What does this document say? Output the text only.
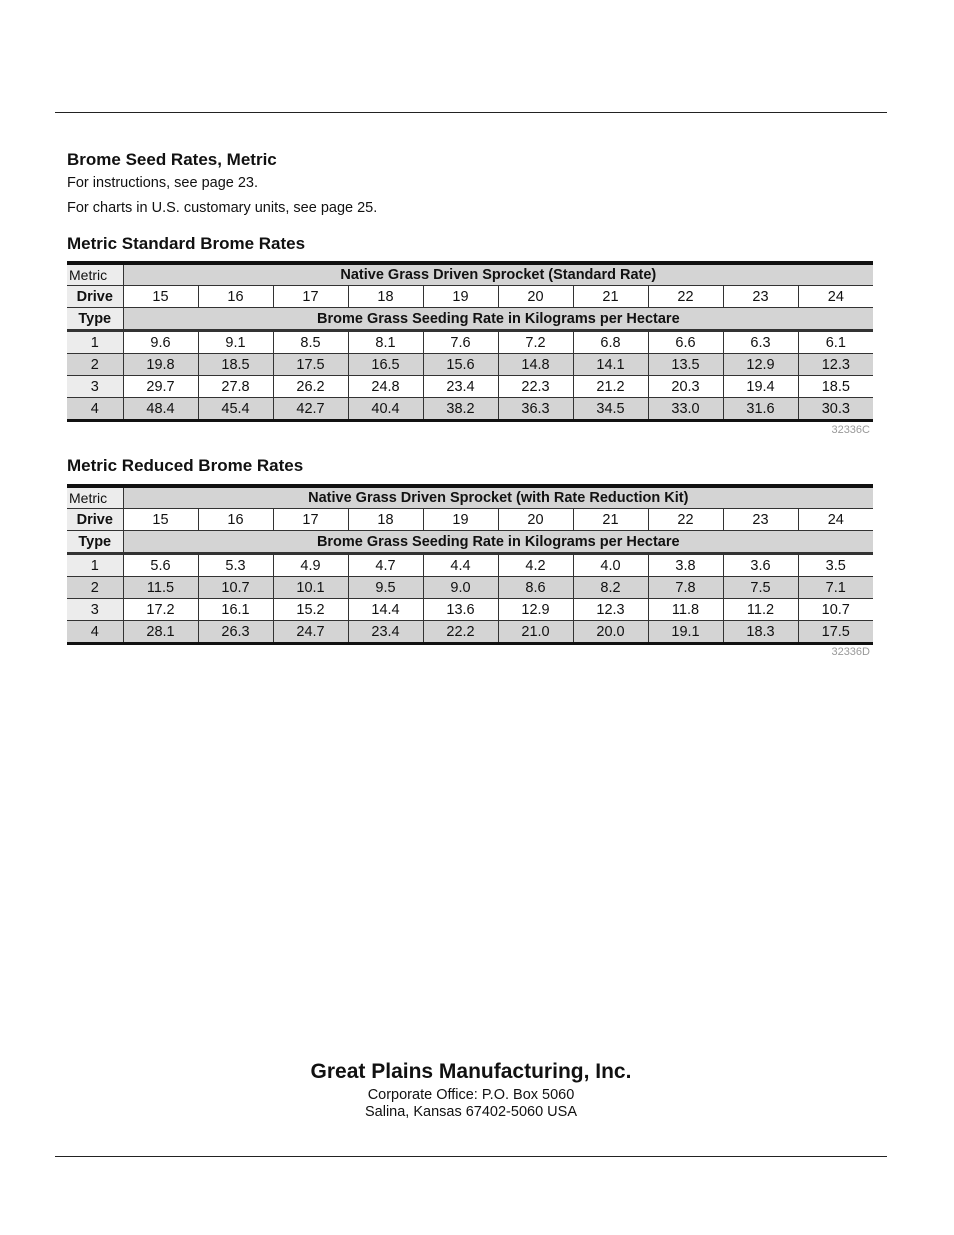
Brome Seed Rates, Metric

For instructions, see page 23.

For charts in U.S. customary units, see page 25.

Metric Standard Brome Rates
Metric	Native Grass Driven Sprocket (Standard Rate)									
Drive	15	16	17	18	19	20	21	22	23	24
Type	Brome Grass Seeding Rate in Kilograms per Hectare									
1	9.6	9.1	8.5	8.1	7.6	7.2	6.8	6.6	6.3	6.1
2	19.8	18.5	17.5	16.5	15.6	14.8	14.1	13.5	12.9	12.3
3	29.7	27.8	26.2	24.8	23.4	22.3	21.2	20.3	19.4	18.5
4	48.4	45.4	42.7	40.4	38.2	36.3	34.5	33.0	31.6	30.3

32336C

Metric Reduced Brome Rates
Metric	Native Grass Driven Sprocket (with Rate Reduction Kit)									
Drive	15	16	17	18	19	20	21	22	23	24
Type	Brome Grass Seeding Rate in Kilograms per Hectare									
1	5.6	5.3	4.9	4.7	4.4	4.2	4.0	3.8	3.6	3.5
2	11.5	10.7	10.1	9.5	9.0	8.6	8.2	7.8	7.5	7.1
3	17.2	16.1	15.2	14.4	13.6	12.9	12.3	11.8	11.2	10.7
4	28.1	26.3	24.7	23.4	22.2	21.0	20.0	19.1	18.3	17.5

32336D

Great Plains Manufacturing, Inc.

Corporate Office: P.O. Box 5060

Salina, Kansas 67402-5060 USA
